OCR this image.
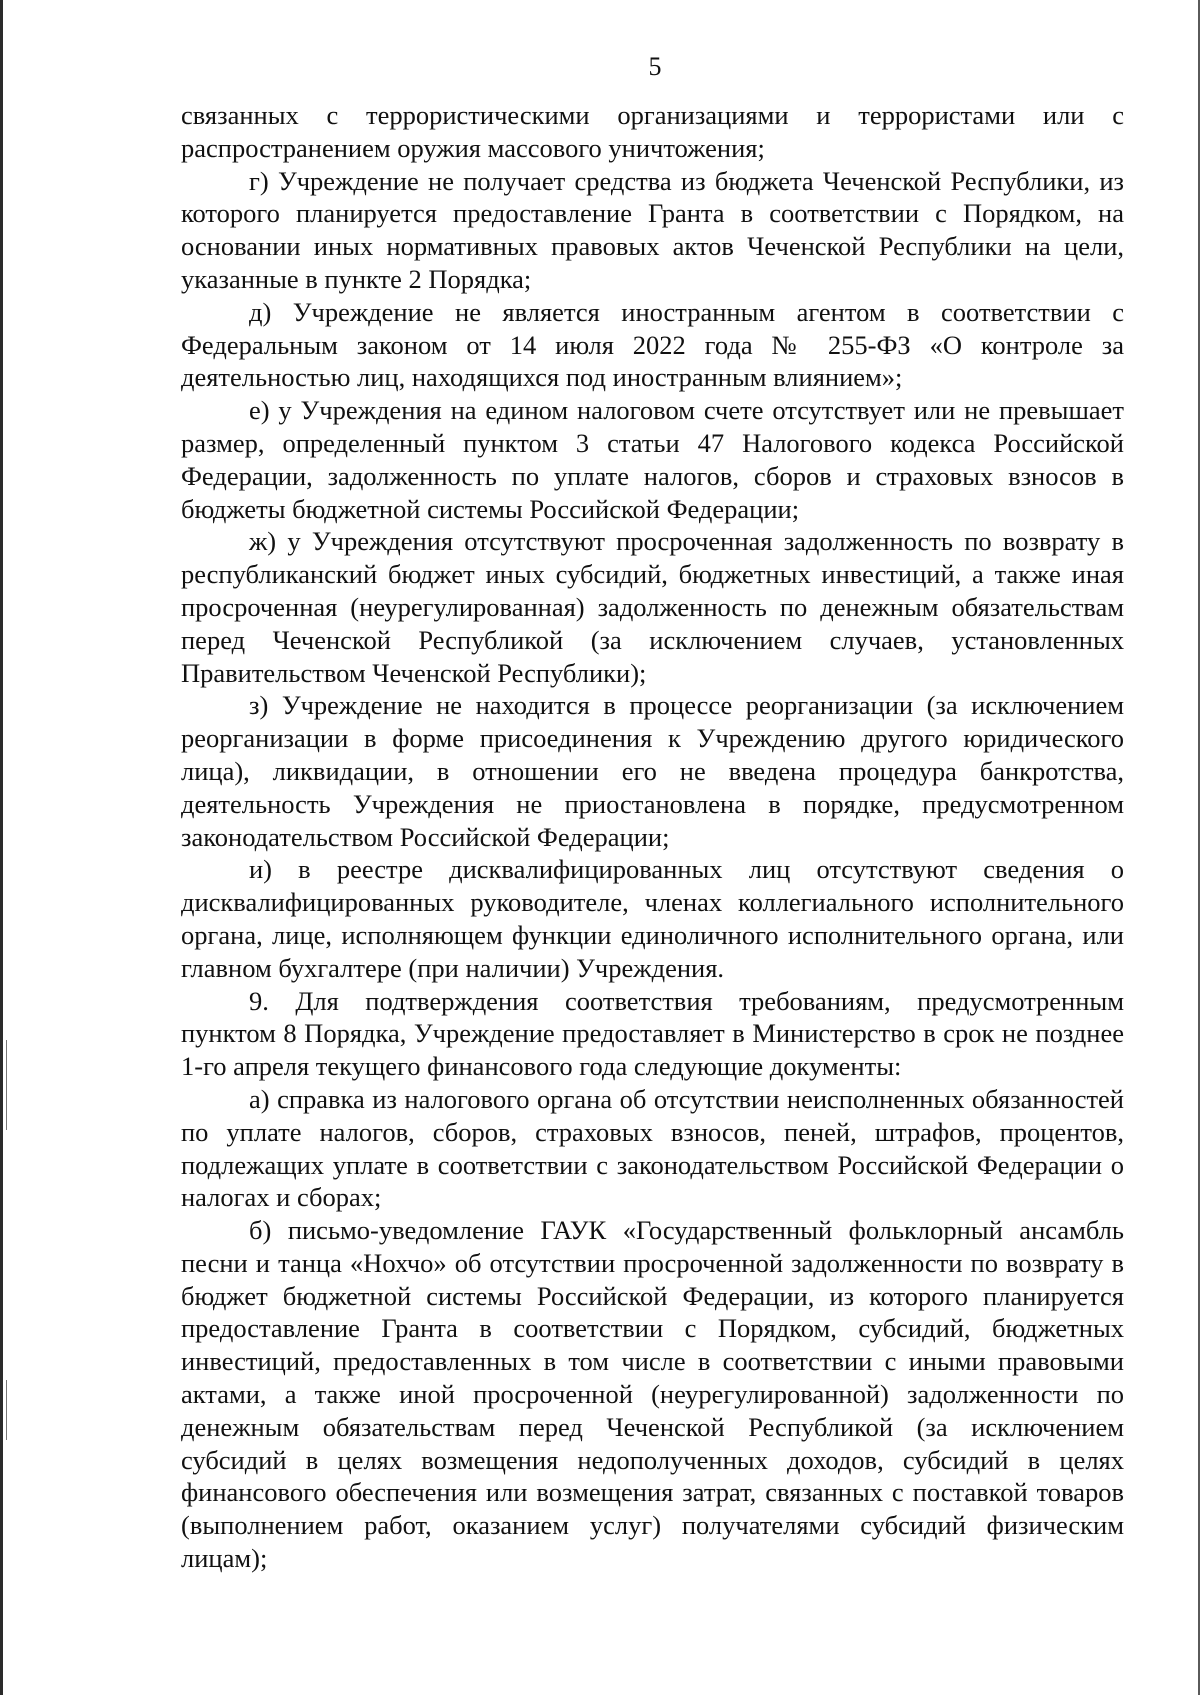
5

связанных с террористическими организациями и террористами или с распространением оружия массового уничтожения;

г) Учреждение не получает средства из бюджета Чеченской Республики, из которого планируется предоставление Гранта в соответствии с Порядком, на основании иных нормативных правовых актов Чеченской Республики на цели, указанные в пункте 2 Порядка;

д) Учреждение не является иностранным агентом в соответствии с Федеральным законом от 14 июля 2022 года № 255-ФЗ «О контроле за деятельностью лиц, находящихся под иностранным влиянием»;

е) у Учреждения на едином налоговом счете отсутствует или не превышает размер, определенный пунктом 3 статьи 47 Налогового кодекса Российской Федерации, задолженность по уплате налогов, сборов и страховых взносов в бюджеты бюджетной системы Российской Федерации;

ж) у Учреждения отсутствуют просроченная задолженность по возврату в республиканский бюджет иных субсидий, бюджетных инвестиций, а также иная просроченная (неурегулированная) задолженность по денежным обязательствам перед Чеченской Республикой (за исключением случаев, установленных Правительством Чеченской Республики);

з) Учреждение не находится в процессе реорганизации (за исключением реорганизации в форме присоединения к Учреждению другого юридического лица), ликвидации, в отношении его не введена процедура банкротства, деятельность Учреждения не приостановлена в порядке, предусмотренном законодательством Российской Федерации;

и) в реестре дисквалифицированных лиц отсутствуют сведения о дисквалифицированных руководителе, членах коллегиального исполнительного органа, лице, исполняющем функции единоличного исполнительного органа, или главном бухгалтере (при наличии) Учреждения.

9. Для подтверждения соответствия требованиям, предусмотренным пунктом 8 Порядка, Учреждение предоставляет в Министерство в срок не позднее 1-го апреля текущего финансового года следующие документы:

а) справка из налогового органа об отсутствии неисполненных обязанностей по уплате налогов, сборов, страховых взносов, пеней, штрафов, процентов, подлежащих уплате в соответствии с законодательством Российской Федерации о налогах и сборах;

б) письмо-уведомление ГАУК «Государственный фольклорный ансамбль песни и танца «Нохчо» об отсутствии просроченной задолженности по возврату в бюджет бюджетной системы Российской Федерации, из которого планируется предоставление Гранта в соответствии с Порядком, субсидий, бюджетных инвестиций, предоставленных в том числе в соответствии с иными правовыми актами, а также иной просроченной (неурегулированной) задолженности по денежным обязательствам перед Чеченской Республикой (за исключением субсидий в целях возмещения недополученных доходов, субсидий в целях финансового обеспечения или возмещения затрат, связанных с поставкой товаров (выполнением работ, оказанием услуг) получателями субсидий физическим лицам);
